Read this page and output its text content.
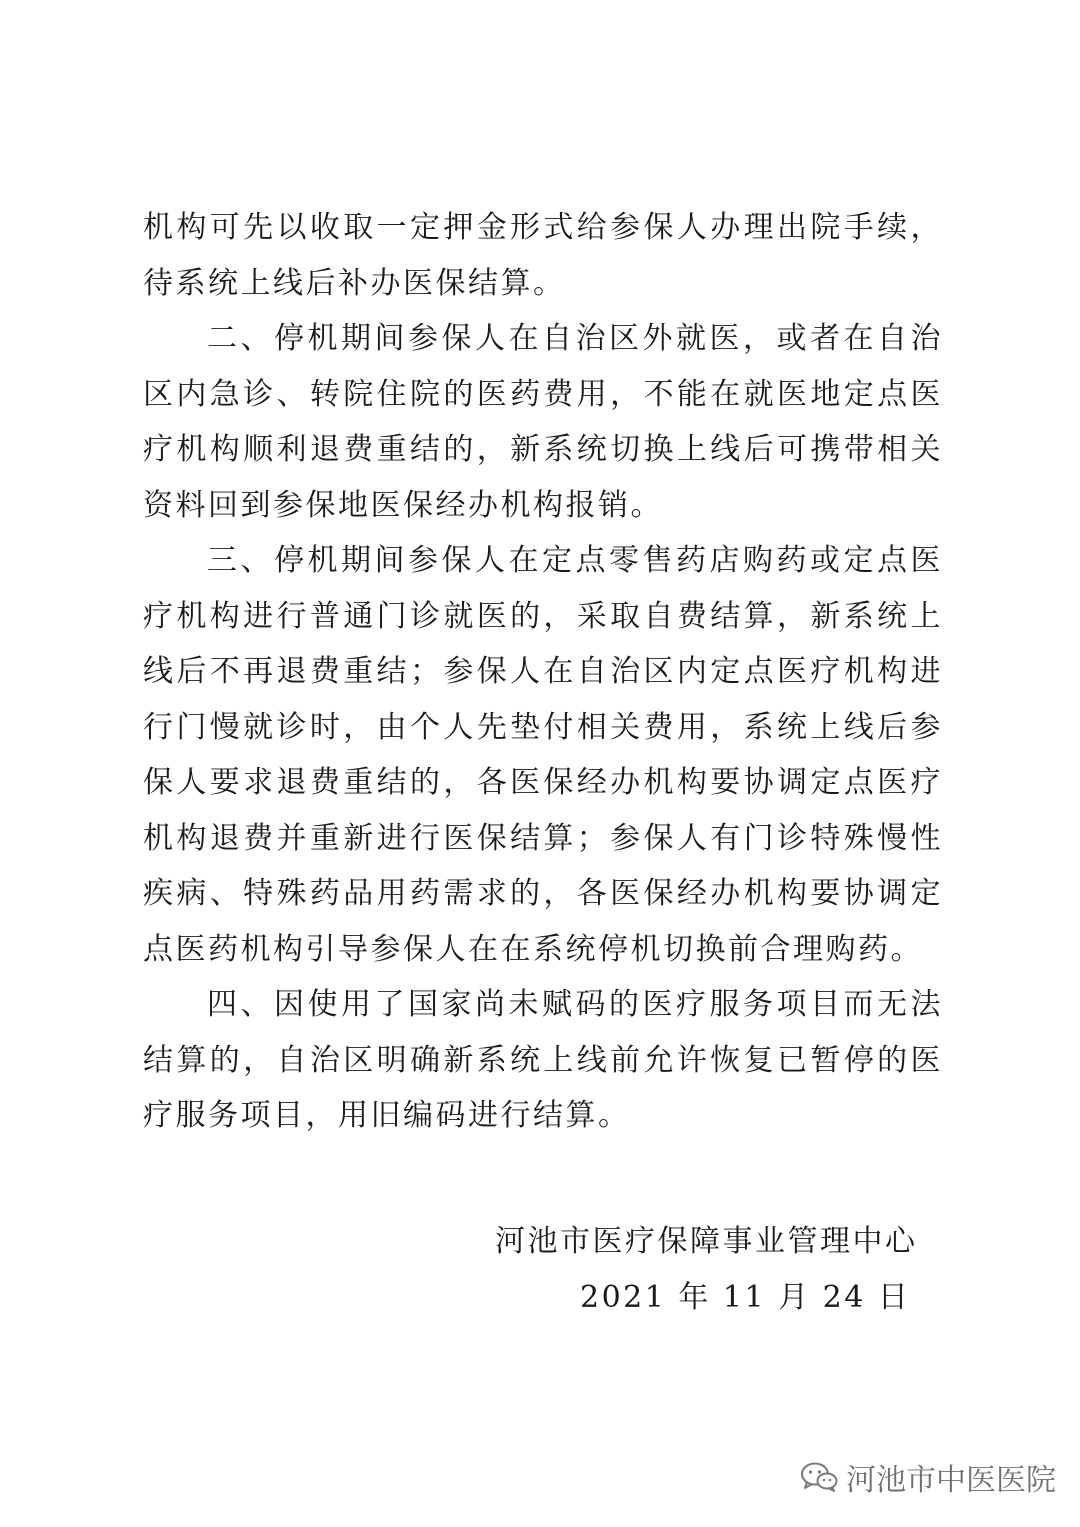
机构可先以收取一定押金形式给参保人办理出院手续，待系统上线后补办医保结算。

二、停机期间参保人在自治区外就医，或者在自治区内急诊、转院住院的医药费用，不能在就医地定点医疗机构顺利退费重结的，新系统切换上线后可携带相关资料回到参保地医保经办机构报销。

三、停机期间参保人在定点零售药店购药或定点医疗机构进行普通门诊就医的，采取自费结算，新系统上线后不再退费重结；参保人在自治区内定点医疗机构进行门慢就诊时，由个人先垫付相关费用，系统上线后参保人要求退费重结的，各医保经办机构要协调定点医疗机构退费并重新进行医保结算；参保人有门诊特殊慢性疾病、特殊药品用药需求的，各医保经办机构要协调定点医药机构引导参保人在在系统停机切换前合理购药。

四、因使用了国家尚未赋码的医疗服务项目而无法结算的，自治区明确新系统上线前允许恢复已暂停的医疗服务项目，用旧编码进行结算。

河池市医疗保障事业管理中心
2021 年 11 月 24 日
河池市中医医院
